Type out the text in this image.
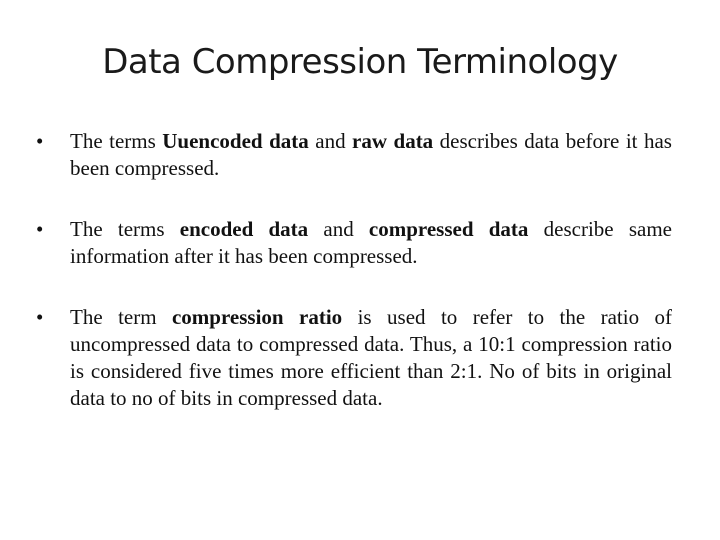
Data Compression Terminology
•	The terms Uuencoded data and raw data describes data before it has been compressed.
•	The terms encoded data and compressed data describe same information after it has been compressed.
•	The term compression ratio is used to refer to the ratio of uncompressed data to compressed data. Thus, a 10:1 compression ratio is considered five times more efficient than 2:1. No of bits in original data to no of bits in compressed data.
